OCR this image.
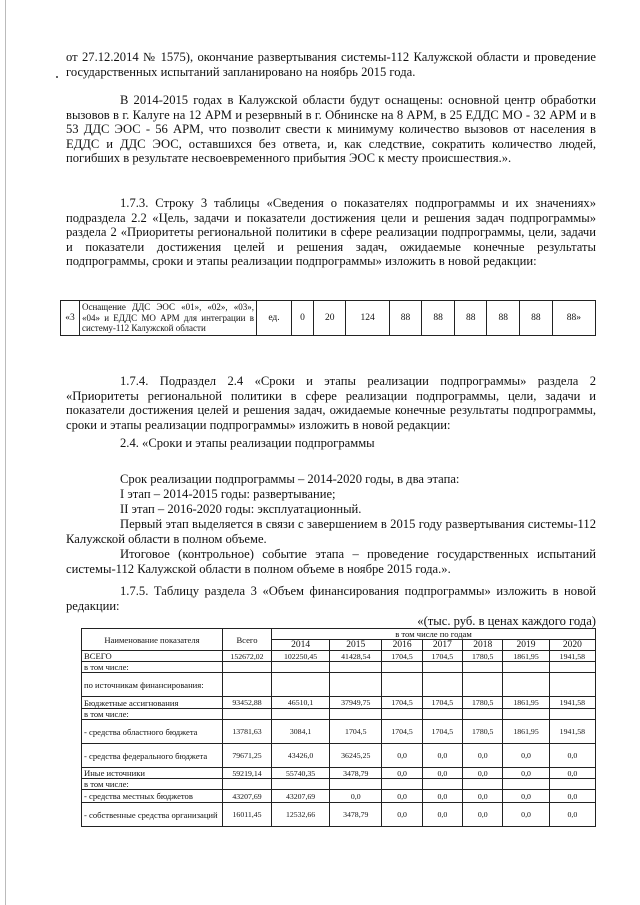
от 27.12.2014 № 1575), окончание развертывания системы-112 Калужской области и проведение государственных испытаний запланировано на ноябрь 2015 года.

В 2014-2015 годах в Калужской области будут оснащены: основной центр обработки вызовов в г. Калуге на 12 АРМ и резервный в г. Обнинске на 8 АРМ, в 25 ЕДДС МО - 32 АРМ и в 53 ДДС ЭОС - 56 АРМ, что позволит свести к минимуму количество вызовов от населения в ЕДДС и ДДС ЭОС, оставшихся без ответа, и, как следствие, сократить количество людей, погибших в результате несвоевременного прибытия ЭОС к месту происшествия.».

1.7.3. Строку 3 таблицы «Сведения о показателях подпрограммы и их значениях» подраздела 2.2 «Цель, задачи и показатели достижения цели и решения задач подпрограммы» раздела 2 «Приоритеты региональной политики в сфере реализации подпрограммы, цели, задачи и показатели достижения целей и решения задач, ожидаемые конечные результаты подпрограммы, сроки и этапы реализации подпрограммы» изложить в новой редакции:

«3	Оснащение ДДС ЭОС «01», «02», «03», «04» и ЕДДС МО АРМ для интеграции в систему-112 Калужской области	ед.	0	20	124	88	88	88	88	88	88»

1.7.4. Подраздел 2.4 «Сроки и этапы реализации подпрограммы» раздела 2 «Приоритеты региональной политики в сфере реализации подпрограммы, цели, задачи и показатели достижения целей и решения задач, ожидаемые конечные результаты подпрограммы, сроки и этапы реализации подпрограммы» изложить в новой редакции:

2.4. «Сроки и этапы реализации подпрограммы

Срок реализации подпрограммы – 2014-2020 годы, в два этапа:

I этап – 2014-2015 годы: развертывание;

II этап – 2016-2020 годы: эксплуатационный.

Первый этап выделяется в связи с завершением в 2015 году развертывания системы-112 Калужской области в полном объеме.

Итоговое (контрольное) событие этапа – проведение государственных испытаний системы-112 Калужской области в полном объеме в ноябре 2015 года.».

1.7.5. Таблицу раздела 3 «Объем финансирования подпрограммы» изложить в новой редакции:

«(тыс. руб. в ценах каждого года)

Наименование показателя	Всего	в том числе по годам						
		2014	2015	2016	2017	2018	2019	2020
ВСЕГО	152672,02	102250,45	41428,54	1704,5	1704,5	1780,5	1861,95	1941,58
в том числе:								
по источникам финансирования:								
Бюджетные ассигнования	93452,88	46510,1	37949,75	1704,5	1704,5	1780,5	1861,95	1941,58
в том числе:								
- средства областного бюджета	13781,63	3084,1	1704,5	1704,5	1704,5	1780,5	1861,95	1941,58
- средства федерального бюджета	79671,25	43426,0	36245,25	0,0	0,0	0,0	0,0	0,0
Иные источники	59219,14	55740,35	3478,79	0,0	0,0	0,0	0,0	0,0
в том числе:								
- средства местных бюджетов	43207,69	43207,69	0,0	0,0	0,0	0,0	0,0	0,0
- собственные средства организаций	16011,45	12532,66	3478,79	0,0	0,0	0,0	0,0	0,0
